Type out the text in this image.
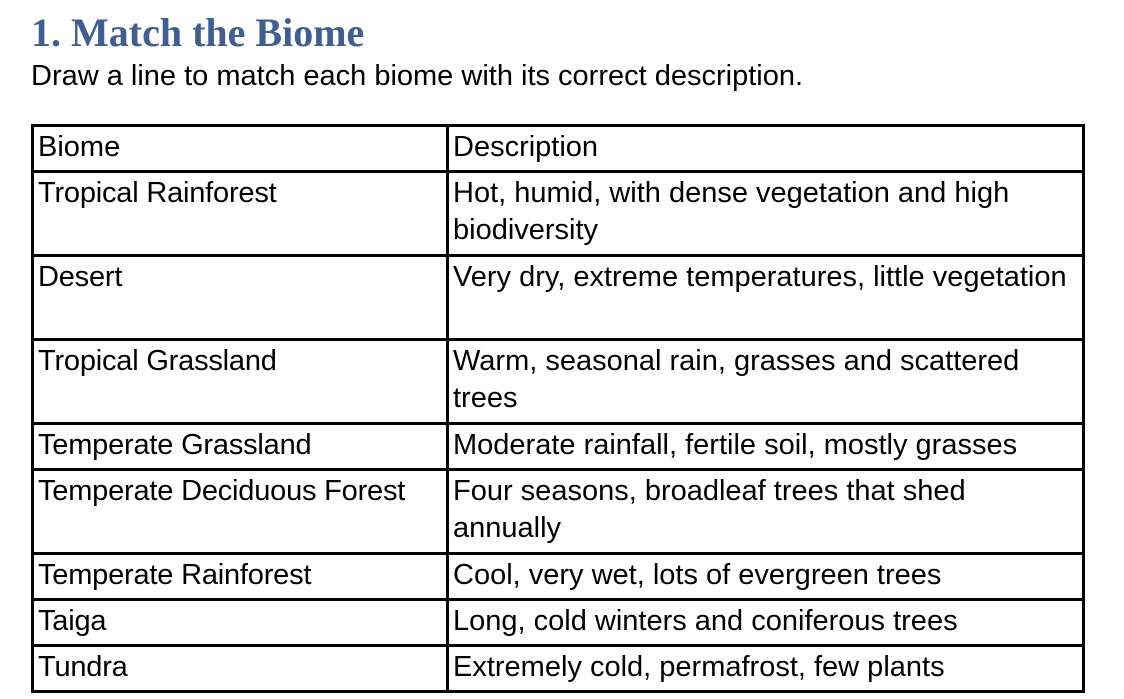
1. Match the Biome

Draw a line to match each biome with its correct description.

Biome	Description
Tropical Rainforest	Hot, humid, with dense vegetation and high biodiversity
Desert	Very dry, extreme temperatures, little vegetation
Tropical Grassland	Warm, seasonal rain, grasses and scattered trees
Temperate Grassland	Moderate rainfall, fertile soil, mostly grasses
Temperate Deciduous Forest	Four seasons, broadleaf trees that shed annually
Temperate Rainforest	Cool, very wet, lots of evergreen trees
Taiga	Long, cold winters and coniferous trees
Tundra	Extremely cold, permafrost, few plants
